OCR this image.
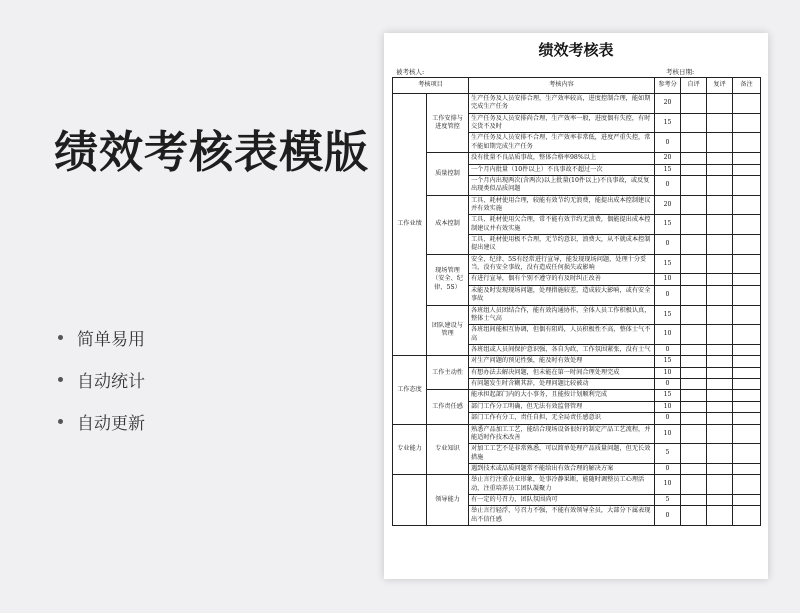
绩效考核表模版
简单易用
自动统计
自动更新
绩效考核表
被考核人:	考核日期:
考核项目		考核内容	参考分	自评	复评	备注
工作业绩	工作安排与进度管控	生产任务及人员安排合理，生产效率较高，进度控制合理，能如期完成生产任务	20			
		生产任务及人员安排尚合理，生产效率一般，进度偶有失控，有时交货不及时	15			
		生产任务及人员安排不合理，生产效率非常低，进度严重失控，常不能如期完成生产任务	0			
	质量控制	没有批量不良品质事故，整体合格率98%以上	20			
		一个月内批量（10件以上）不良事故不超过一次	15			
		一个月内出现两次(含两次)以上批量(10件以上)不良事故，或反复出现类似品质问题	0			
	成本控制	工具、耗材使用合理，较能有效节约无浪费，能提出成本控制建议并有效实施	20			
		工具、耗材使用欠合理，常不能有效节约无浪费，偶能提出成本控制建议并有效实施	15			
		工具、耗材使用极不合理，无节约意识，浪费大，从不就成本控制提出建议	0			
	现场管理（安全、纪律、5S）	安全、纪律、5S有经常进行宣导，能发现现场问题，处理十分妥当，没有安全事故，没有造成任何损失或影响	15			
		有进行宣导，偶有个别不遵守的有及时纠正改善	10			
		未能及时发现现场问题，处理措施较差，造成较大影响，或有安全事故	0			
	团队建设与管理	各班组人员团结合作，能有效沟通协作，全体人员工作积极认真，整体士气高	15			
		各班组间能相互协调，但偶有阻碍，人员积极性不高，整体士气不高	10			
		各班组或人员间保护意识强，各自为政，工作氛围紧张，没有士气	0			
工作态度	工作主动性	对生产问题的预见性强，能及时有效处理	15			
		有想办法去解决问题，但未能在第一时间合理处理完成	10			
		有问题发生时含糊其辞，处理问题比较被动	0			
	工作责任感	能承担起部门内的大小事务，且能按计划顺利完成	15			
		部门工作分工明确，但无法有效监督管理	10			
		部门工作有分工，责任自担，无全局责任感意识	0			
专业能力	专业知识	熟悉产品加工工艺，能结合现场设备很好的制定产品工艺流程，并能适时作技术改善	10			
		对加工工艺不是非常熟悉，可以简单处理产品质量问题，但无长效措施	5			
		遇到技术或品质问题常不能给出有效合理的解决方案	0			
	领导能力	举止言行注重企业形象，处事冷静果断，能随时调整员工心理活动，注重培养员工团队凝聚力	10			
		有一定的号召力，团队氛围尚可	5			
		举止言行轻浮，号召力不强，不能有效领导全员，大部分下属表现出不信任感	0			
